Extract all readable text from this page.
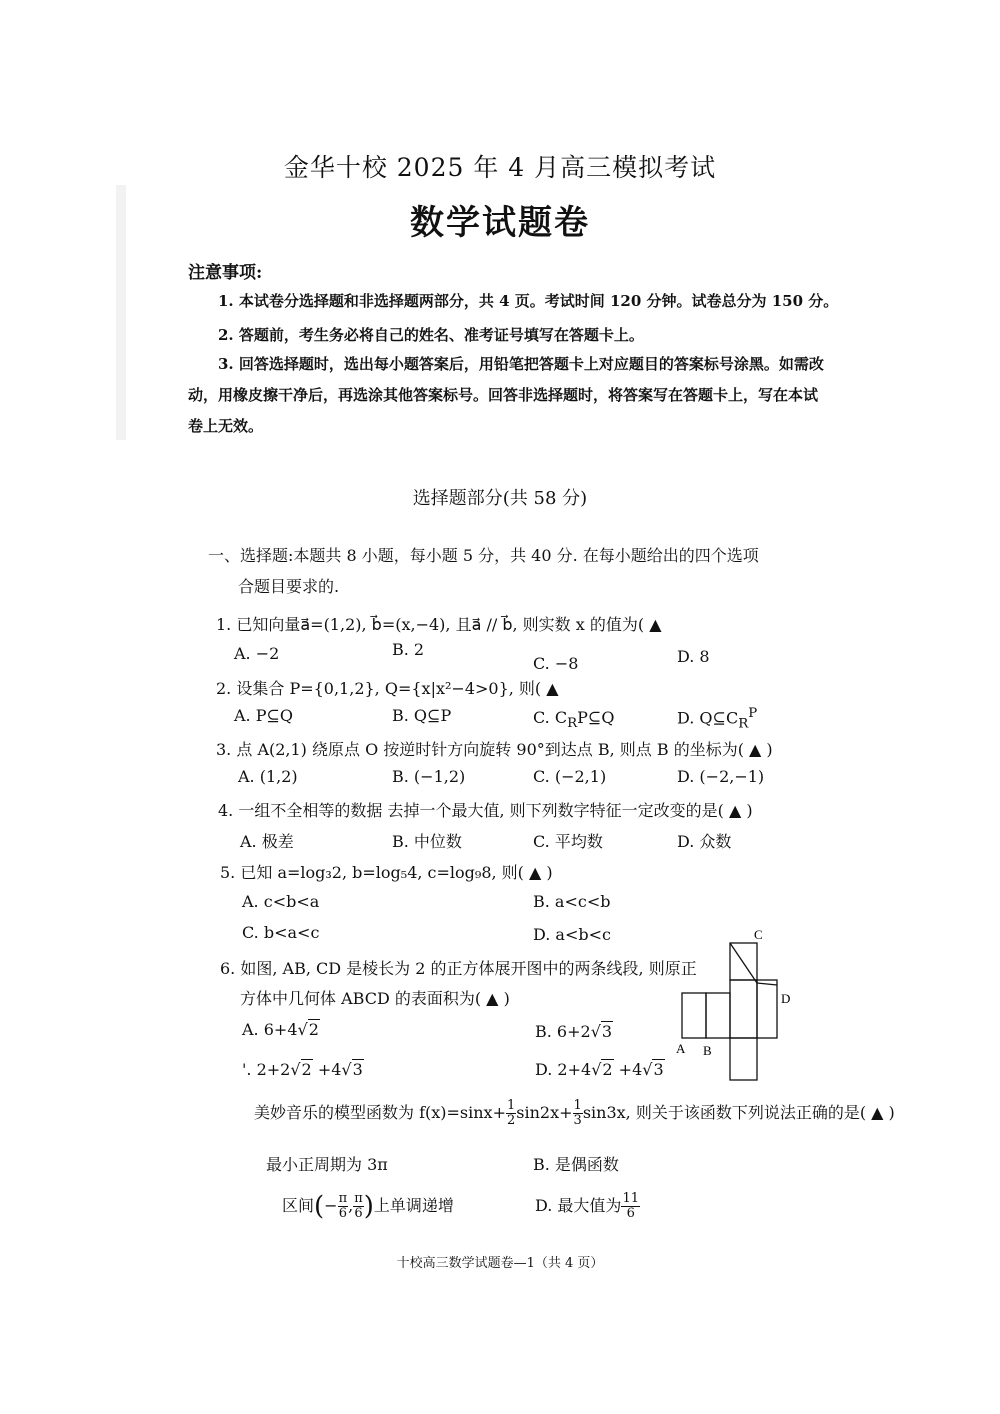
金华十校 2025 年 4 月高三模拟考试
数学试题卷
注意事项:
1. 本试卷分选择题和非选择题两部分，共 4 页。考试时间 120 分钟。试卷总分为 150 分。
2. 答题前，考生务必将自己的姓名、准考证号填写在答题卡上。
3. 回答选择题时，选出每小题答案后，用铅笔把答题卡上对应题目的答案标号涂黑。如需改
动，用橡皮擦干净后，再选涂其他答案标号。回答非选择题时，将答案写在答题卡上，写在本试
卷上无效。
选择题部分(共 58 分)
一、选择题:本题共 8 小题，每小题 5 分，共 40 分. 在每小题给出的四个选项
合题目要求的.
1. 已知向量a⃗=(1,2), b⃗=(x,−4), 且a⃗ // b⃗, 则实数 x 的值为( ▲
A. −2	B. 2
C. −8	D. 8
2. 设集合 P={0,1,2}, Q={x|x²−4>0}, 则( ▲
A. P⊆Q	B. Q⊆P	C. $C_RP⊆Q$	D. $Q⊆C_R^P$
3. 点 A(2,1) 绕原点 O 按逆时针方向旋转 90°到达点 B, 则点 B 的坐标为( ▲ )
A. (1,2)	B. (−1,2)	C. (−2,1)	D. (−2,−1)
4. 一组不全相等的数据 去掉一个最大值, 则下列数字特征一定改变的是( ▲ )
A. 极差	B. 中位数	C. 平均数	D. 众数
5. 已知 a=log₃2, b=log₅4, c=log₉8, 则( ▲ )
A. c<b<a	B. a<c<b
C. b<a<c	D. a<b<c
6. 如图, AB, CD 是棱长为 2 的正方体展开图中的两条线段, 则原正
方体中几何体 ABCD 的表面积为( ▲ )
A. 6+4√2	B. 6+2√3
'. 2+2√2 +4√3	D. 2+4√2 +4√3
C
D
A B
美妙音乐的模型函数为 $f(x)=\sin x+ \frac{1}{2} \sin 2x+ \frac{1}{3} \sin 3x$, 则关于该函数下列说法正确的是( ▲ )
最小正周期为 3π	B. 是偶函数
区间(− $\frac{\pi}{6}$ , $\frac{\pi}{6}$ )上单调递增	D. 最大值为 $\frac{11}{6}$
十校高三数学试题卷—1（共 4 页）
